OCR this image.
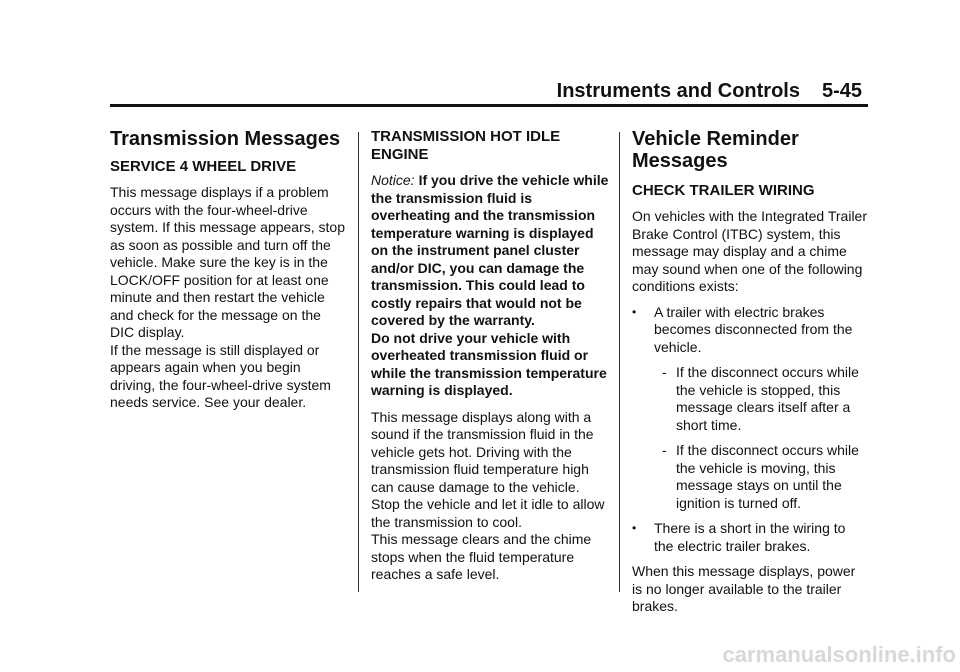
Instruments and Controls 5-45
Transmission Messages
SERVICE 4 WHEEL DRIVE

This message displays if a problem occurs with the four-wheel-drive system. If this message appears, stop as soon as possible and turn off the vehicle. Make sure the key is in the LOCK/OFF position for at least one minute and then restart the vehicle and check for the message on the DIC display.

If the message is still displayed or appears again when you begin driving, the four-wheel-drive system needs service. See your dealer.

TRANSMISSION HOT IDLE ENGINE

Notice: If you drive the vehicle while the transmission fluid is overheating and the transmission temperature warning is displayed on the instrument panel cluster and/or DIC, you can damage the transmission. This could lead to costly repairs that would not be covered by the warranty.

Do not drive your vehicle with overheated transmission fluid or while the transmission temperature warning is displayed.

This message displays along with a sound if the transmission fluid in the vehicle gets hot. Driving with the transmission fluid temperature high can cause damage to the vehicle. Stop the vehicle and let it idle to allow the transmission to cool.

This message clears and the chime stops when the fluid temperature reaches a safe level.

Vehicle Reminder Messages
CHECK TRAILER WIRING

On vehicles with the Integrated Trailer Brake Control (ITBC) system, this message may display and a chime may sound when one of the following conditions exists:

• A trailer with electric brakes becomes disconnected from the vehicle.
- If the disconnect occurs while the vehicle is stopped, this message clears itself after a short time.
- If the disconnect occurs while the vehicle is moving, this message stays on until the ignition is turned off.
• There is a short in the wiring to the electric trailer brakes.

When this message displays, power is no longer available to the trailer brakes.

carmanualsonline.info
